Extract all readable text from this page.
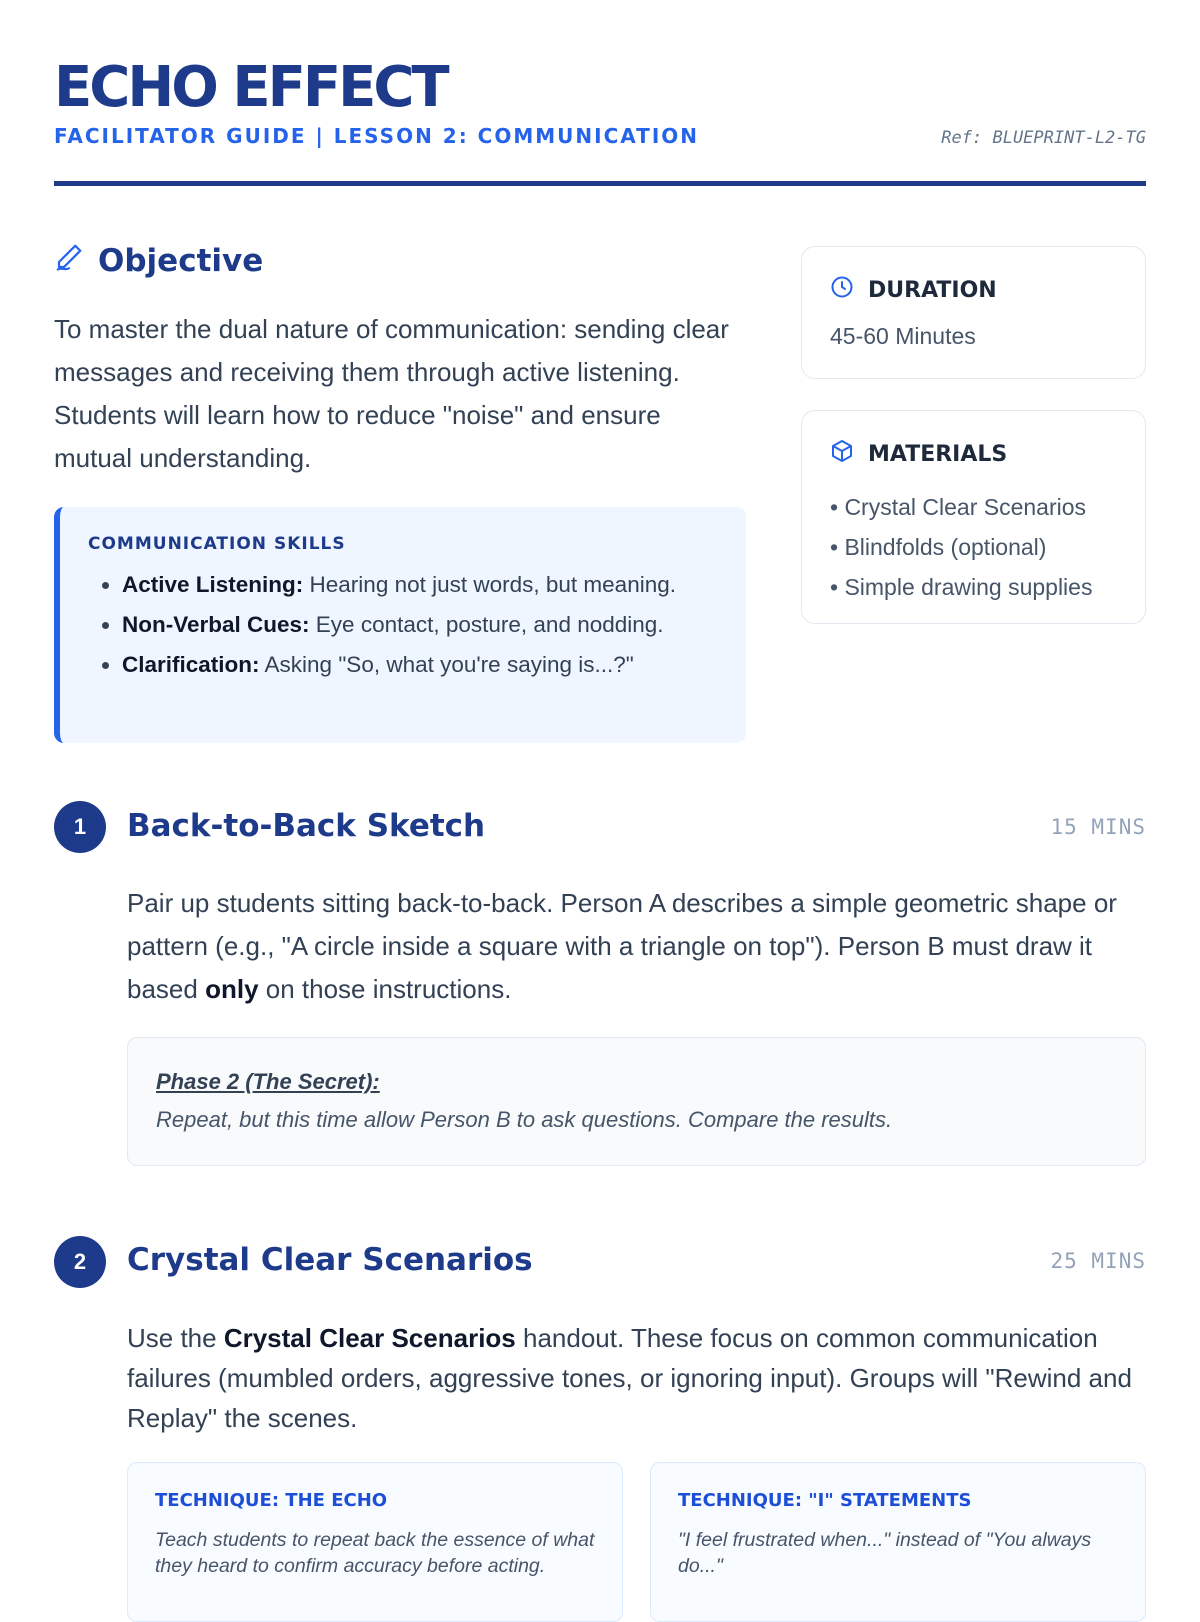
ECHO EFFECT
FACILITATOR GUIDE | LESSON 2: COMMUNICATION	Ref: BLUEPRINT-L2-TG
Objective

To master the dual nature of communication: sending clear messages and receiving them through active listening. Students will learn how to reduce "noise" and ensure mutual understanding.

COMMUNICATION SKILLS
• Active Listening: Hearing not just words, but meaning.
• Non-Verbal Cues: Eye contact, posture, and nodding.
• Clarification: Asking "So, what you're saying is...?"
DURATION
45-60 Minutes
MATERIALS
• Crystal Clear Scenarios
• Blindfolds (optional)
• Simple drawing supplies
1	Back-to-Back Sketch	15 MINS

Pair up students sitting back-to-back. Person A describes a simple geometric shape or pattern (e.g., "A circle inside a square with a triangle on top"). Person B must draw it based only on those instructions.

Phase 2 (The Secret):
Repeat, but this time allow Person B to ask questions. Compare the results.
2	Crystal Clear Scenarios	25 MINS

Use the Crystal Clear Scenarios handout. These focus on common communication failures (mumbled orders, aggressive tones, or ignoring input). Groups will "Rewind and Replay" the scenes.

TECHNIQUE: THE ECHO
Teach students to repeat back the essence of what they heard to confirm accuracy before acting.
TECHNIQUE: "I" STATEMENTS
"I feel frustrated when..." instead of "You always do..."
